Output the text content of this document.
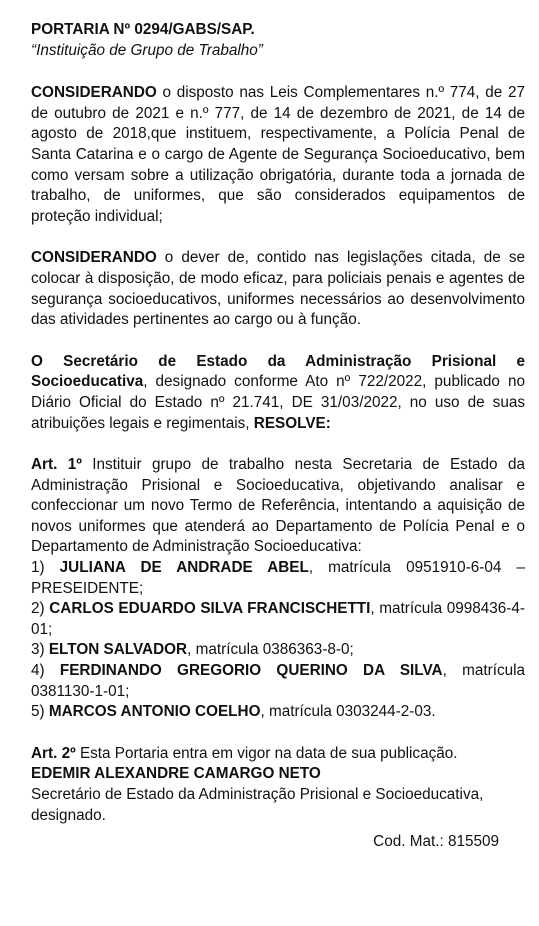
PORTARIA Nº 0294/GABS/SAP.

“Instituição de Grupo de Trabalho”

CONSIDERANDO o disposto nas Leis Complementares n.º 774, de 27 de outubro de 2021 e n.º 777, de 14 de dezembro de 2021, de 14 de agosto de 2018,que instituem, respectivamente, a Polícia Penal de Santa Catarina e o cargo de Agente de Segurança Socioeducativo, bem como versam sobre a utilização obrigatória, durante toda a jornada de trabalho, de uniformes, que são considerados equipamentos de proteção individual;

CONSIDERANDO o dever de, contido nas legislações citada, de se colocar à disposição, de modo eficaz, para policiais penais e agentes de segurança socioeducativos, uniformes necessários ao desenvolvimento das atividades pertinentes ao cargo ou à função.

O Secretário de Estado da Administração Prisional e Socioeducativa, designado conforme Ato nº 722/2022, publicado no Diário Oficial do Estado nº 21.741, DE 31/03/2022, no uso de suas atribuições legais e regimentais, RESOLVE:

Art. 1º Instituir grupo de trabalho nesta Secretaria de Estado da Administração Prisional e Socioeducativa, objetivando analisar e confeccionar um novo Termo de Referência, intentando a aquisição de novos uniformes que atenderá ao Departamento de Polícia Penal e o Departamento de Administração Socioeducativa:

1) JULIANA DE ANDRADE ABEL, matrícula 0951910-6-04 – PRESEIDENTE;
2) CARLOS EDUARDO SILVA FRANCISCHETTI, matrícula 0998436-4-01;
3) ELTON SALVADOR, matrícula 0386363-8-0;
4) FERDINANDO GREGORIO QUERINO DA SILVA, matrícula 0381130-1-01;
5) MARCOS ANTONIO COELHO, matrícula 0303244-2-03.

Art. 2º Esta Portaria entra em vigor na data de sua publicação.

EDEMIR ALEXANDRE CAMARGO NETO

Secretário de Estado da Administração Prisional e Socioeducativa, designado.

Cod. Mat.: 815509
